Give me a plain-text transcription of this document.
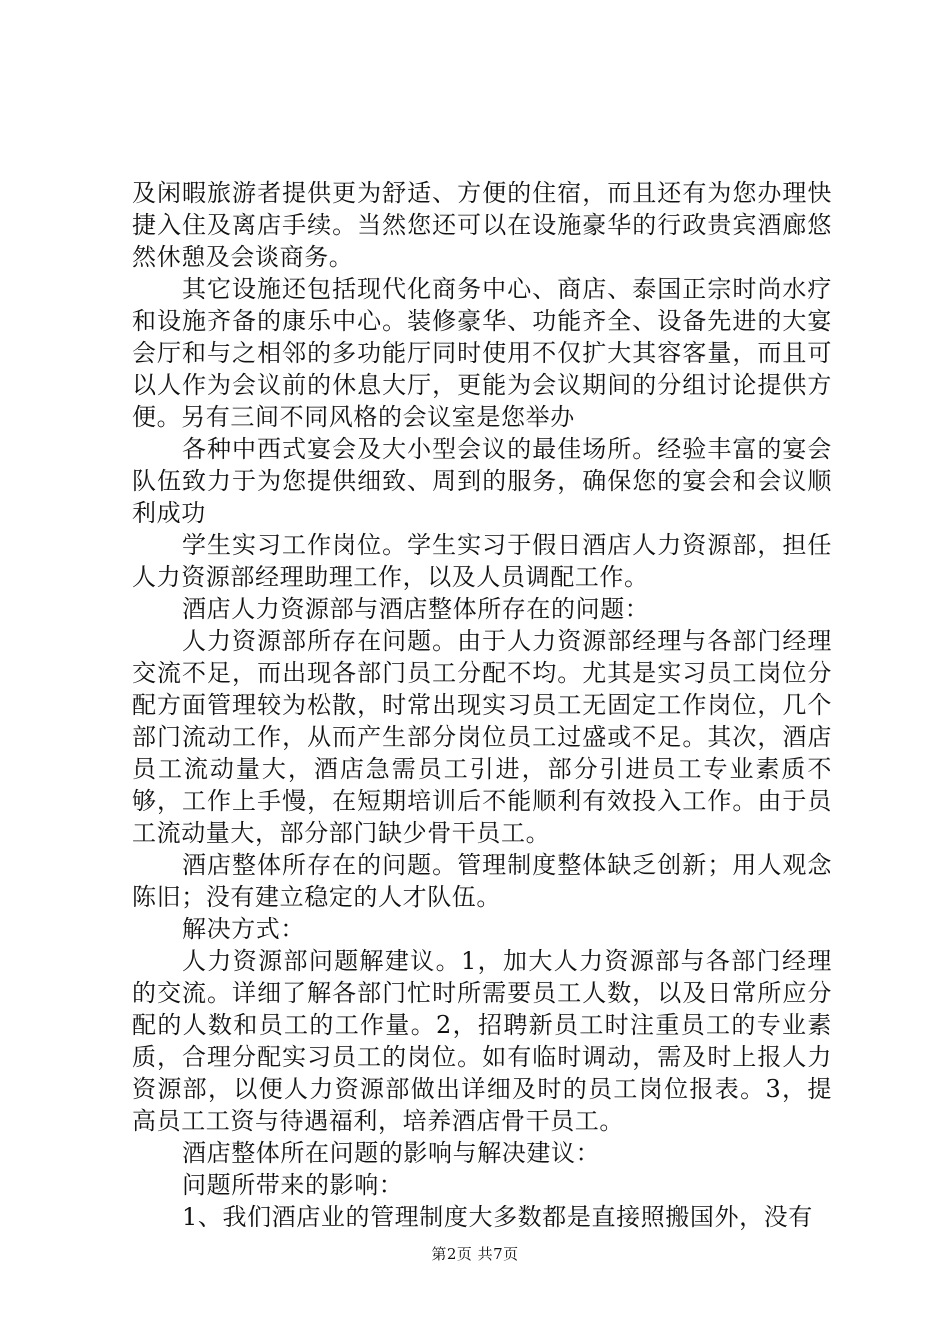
及闲暇旅游者提供更为舒适、方便的住宿，而且还有为您办理快捷入住及离店手续。当然您还可以在设施豪华的行政贵宾酒廊悠然休憩及会谈商务。

其它设施还包括现代化商务中心、商店、泰国正宗时尚水疗和设施齐备的康乐中心。装修豪华、功能齐全、设备先进的大宴会厅和与之相邻的多功能厅同时使用不仅扩大其容客量，而且可以人作为会议前的休息大厅，更能为会议期间的分组讨论提供方便。另有三间不同风格的会议室是您举办

各种中西式宴会及大小型会议的最佳场所。经验丰富的宴会队伍致力于为您提供细致、周到的服务，确保您的宴会和会议顺利成功

学生实习工作岗位。学生实习于假日酒店人力资源部，担任人力资源部经理助理工作，以及人员调配工作。

酒店人力资源部与酒店整体所存在的问题：

人力资源部所存在问题。由于人力资源部经理与各部门经理交流不足，而出现各部门员工分配不均。尤其是实习员工岗位分配方面管理较为松散，时常出现实习员工无固定工作岗位，几个部门流动工作，从而产生部分岗位员工过盛或不足。其次，酒店员工流动量大，酒店急需员工引进，部分引进员工专业素质不够，工作上手慢，在短期培训后不能顺利有效投入工作。由于员工流动量大，部分部门缺少骨干员工。

酒店整体所存在的问题。管理制度整体缺乏创新；用人观念陈旧；没有建立稳定的人才队伍。

解决方式：

人力资源部问题解建议。1，加大人力资源部与各部门经理的交流。详细了解各部门忙时所需要员工人数，以及日常所应分配的人数和员工的工作量。2，招聘新员工时注重员工的专业素质，合理分配实习员工的岗位。如有临时调动，需及时上报人力资源部，以便人力资源部做出详细及时的员工岗位报表。3，提高员工工资与待遇福利，培养酒店骨干员工。

酒店整体所在问题的影响与解决建议：

问题所带来的影响：

1、我们酒店业的管理制度大多数都是直接照搬国外，没有

第2页 共7页
